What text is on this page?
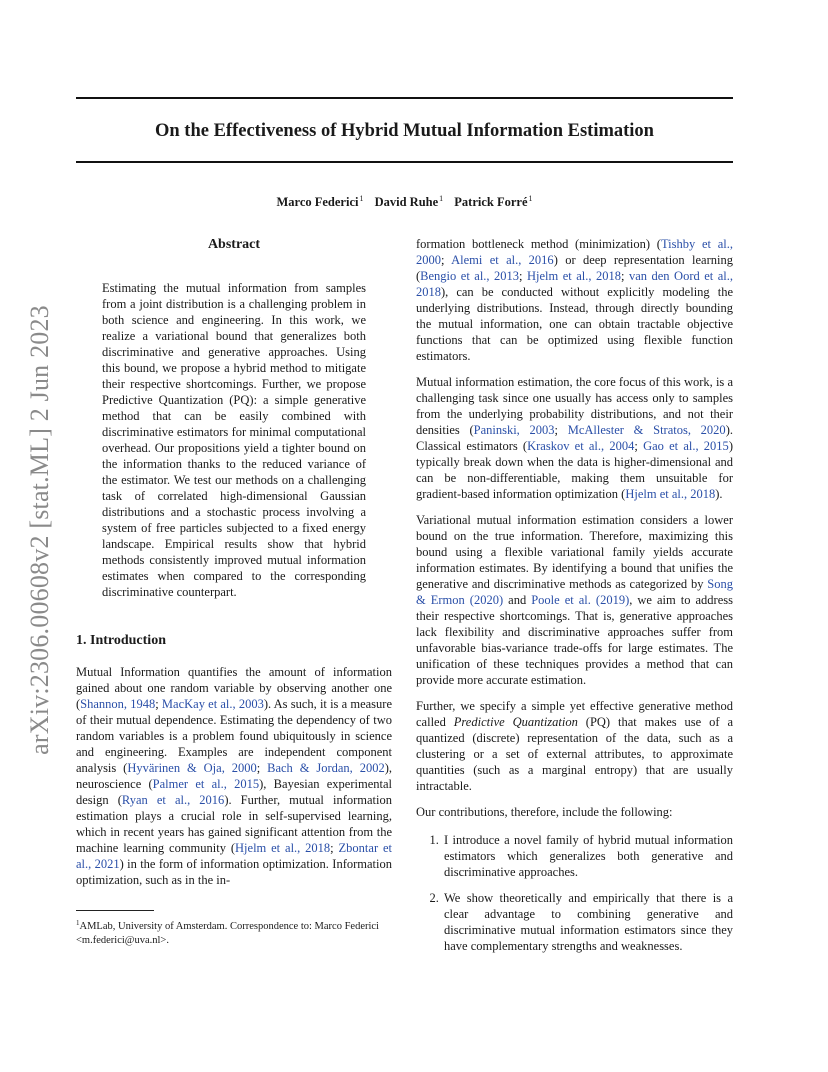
On the Effectiveness of Hybrid Mutual Information Estimation
Marco Federici$^1$ David Ruhe$^1$ Patrick Forré$^1$
arXiv:2306.00608v2 [stat.ML] 2 Jun 2023
Abstract
Estimating the mutual information from samples from a joint distribution is a challenging problem in both science and engineering. In this work, we realize a variational bound that generalizes both discriminative and generative approaches. Using this bound, we propose a hybrid method to mitigate their respective shortcomings. Further, we propose Predictive Quantization (PQ): a simple generative method that can be easily combined with discriminative estimators for minimal computational overhead. Our propositions yield a tighter bound on the information thanks to the reduced variance of the estimator. We test our methods on a challenging task of correlated high-dimensional Gaussian distributions and a stochastic process involving a system of free particles subjected to a fixed energy landscape. Empirical results show that hybrid methods consistently improved mutual information estimates when compared to the corresponding discriminative counterpart.
1. Introduction

Mutual Information quantifies the amount of information gained about one random variable by observing another one (Shannon, 1948; MacKay et al., 2003). As such, it is a measure of their mutual dependence. Estimating the dependency of two random variables is a problem found ubiquitously in science and engineering. Examples are independent component analysis (Hyvärinen & Oja, 2000; Bach & Jordan, 2002), neuroscience (Palmer et al., 2015), Bayesian experimental design (Ryan et al., 2016). Further, mutual information estimation plays a crucial role in self-supervised learning, which in recent years has gained significant attention from the machine learning community (Hjelm et al., 2018; Zbontar et al., 2021) in the form of information optimization. Information optimization, such as in the in-

$^1$AMLab, University of Amsterdam. Correspondence to: Marco Federici <m.federici@uva.nl>.

formation bottleneck method (minimization) (Tishby et al., 2000; Alemi et al., 2016) or deep representation learning (Bengio et al., 2013; Hjelm et al., 2018; van den Oord et al., 2018), can be conducted without explicitly modeling the underlying distributions. Instead, through directly bounding the mutual information, one can obtain tractable objective functions that can be optimized using flexible function estimators.

Mutual information estimation, the core focus of this work, is a challenging task since one usually has access only to samples from the underlying probability distributions, and not their densities (Paninski, 2003; McAllester & Stratos, 2020). Classical estimators (Kraskov et al., 2004; Gao et al., 2015) typically break down when the data is higher-dimensional and can be non-differentiable, making them unsuitable for gradient-based information optimization (Hjelm et al., 2018).

Variational mutual information estimation considers a lower bound on the true information. Therefore, maximizing this bound using a flexible variational family yields accurate information estimates. By identifying a bound that unifies the generative and discriminative methods as categorized by Song & Ermon (2020) and Poole et al. (2019), we aim to address their respective shortcomings. That is, generative approaches lack flexibility and discriminative approaches suffer from unfavorable bias-variance trade-offs for large estimates. The unification of these techniques provides a method that can provide more accurate estimation.

Further, we specify a simple yet effective generative method called Predictive Quantization (PQ) that makes use of a quantized (discrete) representation of the data, such as a clustering or a set of external attributes, to approximate quantities (such as a marginal entropy) that are usually intractable.

Our contributions, therefore, include the following:

1. I introduce a novel family of hybrid mutual information estimators which generalizes both generative and discriminative approaches.
2. We show theoretically and empirically that there is a clear advantage to combining generative and discriminative mutual information estimators since they have complementary strengths and weaknesses.
